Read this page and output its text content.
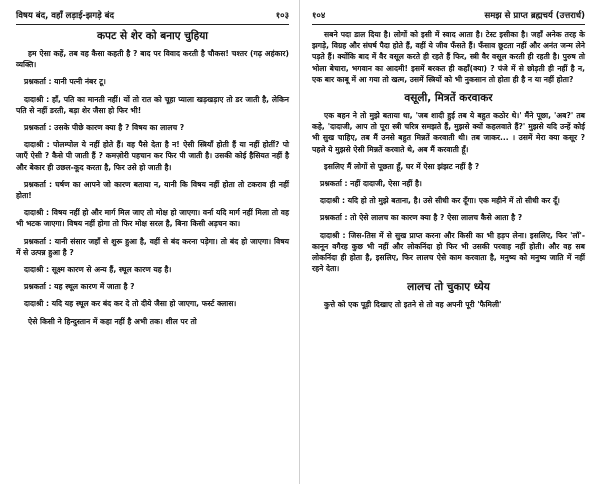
विषय बंद, वहाँ लड़ाई-झगड़े बंद	१०३
कपट से शेर को बनाए चुहिया

हम ऐसा कहें, तब वह कैसा कहती है ? बाद पर विवाद करती है चौकस! चश्तर (गढ़ अहंकार) व्यक्ति।

प्रश्नकर्ता : यानी पत्नी नंबर टू।

दादाश्री : हाँ, पति का मानती नहीं। यों तो रात को चूहा प्याला खड़खड़ाए तो डर जाती है, लेकिन पति से नहीं डरती, बड़ा शेर जैसा हो फिर भी!

प्रश्नकर्ता : उसके पीछे कारण क्या है ? विषय का लालच ?

दादाश्री : पोलम्पोल ये नहीं होते हैं। वह पैसे देता है न! ऐसी स्त्रियाँ होती हैं या नहीं होतीं? पो जाएँ ऐसी ? कैसे पी जाती हैं ? कमज़ोरी पहचान कर फिर पी जाती है। उसकी कोई हैसियत नहीं है और बेकार ही उछल-कूद करता है, फिर उसे हो जाती है।

प्रश्नकर्ता : घर्षण का आपने जो कारण बताया न, यानी कि विषय नहीं होता तो टकराव ही नहीं होता!

दादाश्री : विषय नहीं हो और मार्ग मिल जाए तो मोक्ष हो जाएगा। वर्ना यदि मार्ग नहीं मिला तो वह भी भटक जाएगा। विषय नहीं होगा तो फिर मोक्ष सरल है, बिना किसी अड़चन का।

प्रश्नकर्ता : यानी संसार जहाँ से शुरू हुआ है, वहीं से बंद करना पड़ेगा। तो बंद हो जाएगा। विषय में से उत्पन्न हुआ है ?

दादाश्री : सूक्ष्म कारण से अन्य हैं, स्थूल कारण यह है।

प्रश्नकर्ता : यह स्थूल कारण में जाता है ?

दादाश्री : यदि यह स्थूल कर बंद कर दे तो दीये जैसा हो जाएगा, फर्स्ट क्लास।

ऐसे किसी ने हिन्दुस्तान में कहा नहीं है अभी तक। शील पर तो

१०४	समझ से प्राप्त ब्रह्मचर्य (उत्तरार्ध)

सबने पदा डाल दिया है। लोगों को इसी में स्वाद आता है। टेस्ट इसीका है। जहाँ अनेक तरह के झगड़े, विग्रह और संघर्ष पैदा होते हैं, वहीं ये जीव फँसते हैं। फँसाव छूटता नहीं और अनंत जन्म लेने पड़ते हैं। क्योंकि बाद में वैर वसूल करते ही रहते हैं फिर, स्त्री वैर वसूल करती ही रहती है। पुरुष तो भोला बेचारा, भगवान का आदमी! इसमें बरकत ही कहाँ(क्या) ? पंजे में से छोड़ती ही नहीं है न, एक बार काबू में आ गया तो खत्म, उसमें स्त्रियों को भी नुकसान तो होता ही है न या नहीं होता?

वसूली, मित्रतें करवाकर

एक बहन ने तो मुझे बताया था, 'जब शादी हुई तब ये बहुत कठोर थे।' मैंने पूछा, 'अब?' तब कहे, 'दादाजी, आप तो पूरा स्त्री चरित्र समझते हैं, मुझसे क्यों कहलवाते हैं?' मुझसे यदि उन्हें कोई भी सुख चाहिए, तब मैं उनसे बहुत मिन्नतें करवाती थी। तब जाकर... । उसमें मेरा क्या कसूर ? पहले ये मुझसे ऐसी मिन्नतें करवाते थे, अब मैं करवाती हूँ।

इसलिए मैं लोगों से पूछता हूँ, घर में ऐसा झंझट नहीं है ?

प्रश्नकर्ता : नहीं दादाजी, ऐसा नहीं है।

दादाश्री : यदि हो तो मुझे बताना, है। उसे सीधी कर दूँगा। एक महीने में तो सीधी कर दूँ।

प्रश्नकर्ता : तो ऐसे लालच का कारण क्या है ? ऐसा लालच कैसे आता है ?

दादाश्री : जिस-तिस में से सुख प्राप्त करना और किसी का भी हड़प लेना। इसलिए, फिर 'लॉ'-कानून वगैरह कुछ भी नहीं और लोकनिंदा हो फिर भी उसकी परवाह नहीं होती। और वह सब लोकनिंदा ही होता है, इसलिए, फिर लालच ऐसे काम करवाता है, मनुष्य को मनुष्य जाति में नहीं रहने देता।

लालच तो चुकाए ध्येय

कुत्ते को एक पूड़ी दिखाए तो इतने से तो वह अपनी पूरी 'फैमिली'
